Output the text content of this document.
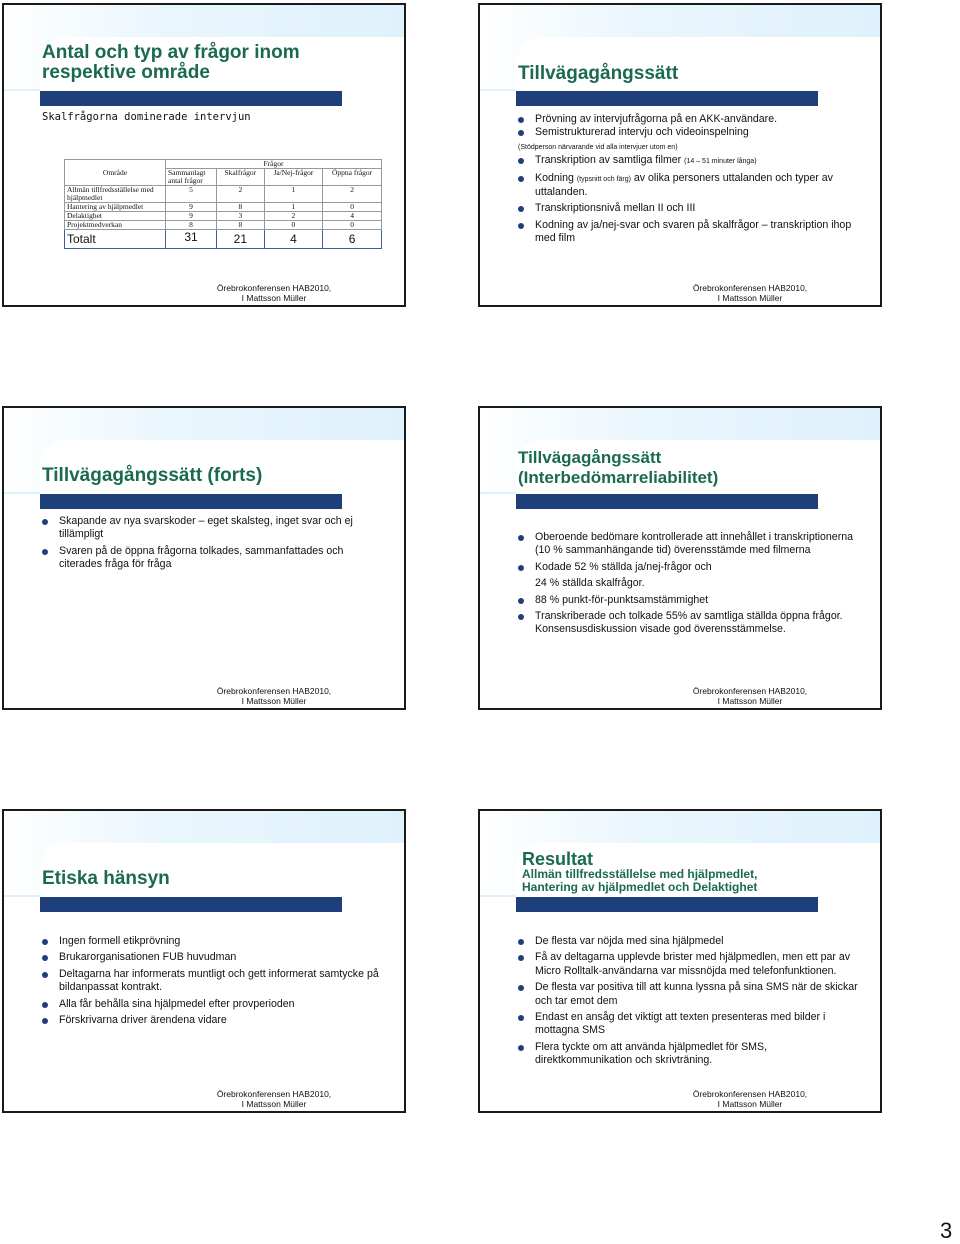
Antal och typ av frågor inom respektive område
Skalfrågorna dominerade intervjun
	Frågor			
Område	Sammanlagt antal frågor	Skalfrågor	Ja/Nej-frågor	Öppna frågor
Allmän tillfredsställelse med hjälpmedlet	5	2	1	2
Hantering av hjälpmedlet	9	8	1	0
Delaktighet	9	3	2	4
Projektmedverkan	8	8	0	0
Totalt	31	21	4	6
Örebrokonferensen HAB2010,
I Mattsson Müller
Tillvägagångssätt
Prövning av intervjufrågorna på en AKK-användare.
Semistrukturerad intervju och videoinspelning
(Stödperson närvarande vid alla intervjuer utom en)
Transkription av samtliga filmer (14 – 51 minuter långa)
Kodning (typsnitt och färg) av olika personers uttalanden och typer av uttalanden.
Transkriptionsnivå mellan II och III
Kodning av ja/nej-svar och svaren på skalfrågor – transkription ihop med film
Örebrokonferensen HAB2010,
I Mattsson Müller
Tillvägagångssätt (forts)
Skapande av nya svarskoder – eget skalsteg, inget svar och ej tillämpligt
Svaren på de öppna frågorna tolkades, sammanfattades och citerades fråga för fråga
Örebrokonferensen HAB2010,
I Mattsson Müller
Tillvägagångssätt
(Interbedömarreliabilitet)
Oberoende bedömare kontrollerade att innehållet i transkriptionerna (10 % sammanhängande tid) överensstämde med filmerna
Kodade 52 % ställda ja/nej-frågor och
24 % ställda skalfrågor.
88 % punkt-för-punktsamstämmighet
Transkriberade och tolkade 55% av samtliga ställda öppna frågor. Konsensusdiskussion visade god överensstämmelse.
Örebrokonferensen HAB2010,
I Mattsson Müller
Etiska hänsyn
Ingen formell etikprövning
Brukarorganisationen FUB huvudman
Deltagarna har informerats muntligt och gett informerat samtycke på bildanpassat kontrakt.
Alla får behålla sina hjälpmedel efter provperioden
Förskrivarna driver ärendena vidare
Örebrokonferensen HAB2010,
I Mattsson Müller
Resultat
Allmän tillfredsställelse med hjälpmedlet, Hantering av hjälpmedlet och Delaktighet
De flesta var nöjda med sina hjälpmedel
Få av deltagarna upplevde brister med hjälpmedlen, men ett par av Micro Rolltalk-användarna var missnöjda med telefonfunktionen.
De flesta var positiva till att kunna lyssna på sina SMS när de skickar och tar emot dem
Endast en ansåg det viktigt att texten presenteras med bilder i mottagna SMS
Flera tyckte om att använda hjälpmedlet för SMS, direktkommunikation och skrivträning.
Örebrokonferensen HAB2010,
I Mattsson Müller
3
